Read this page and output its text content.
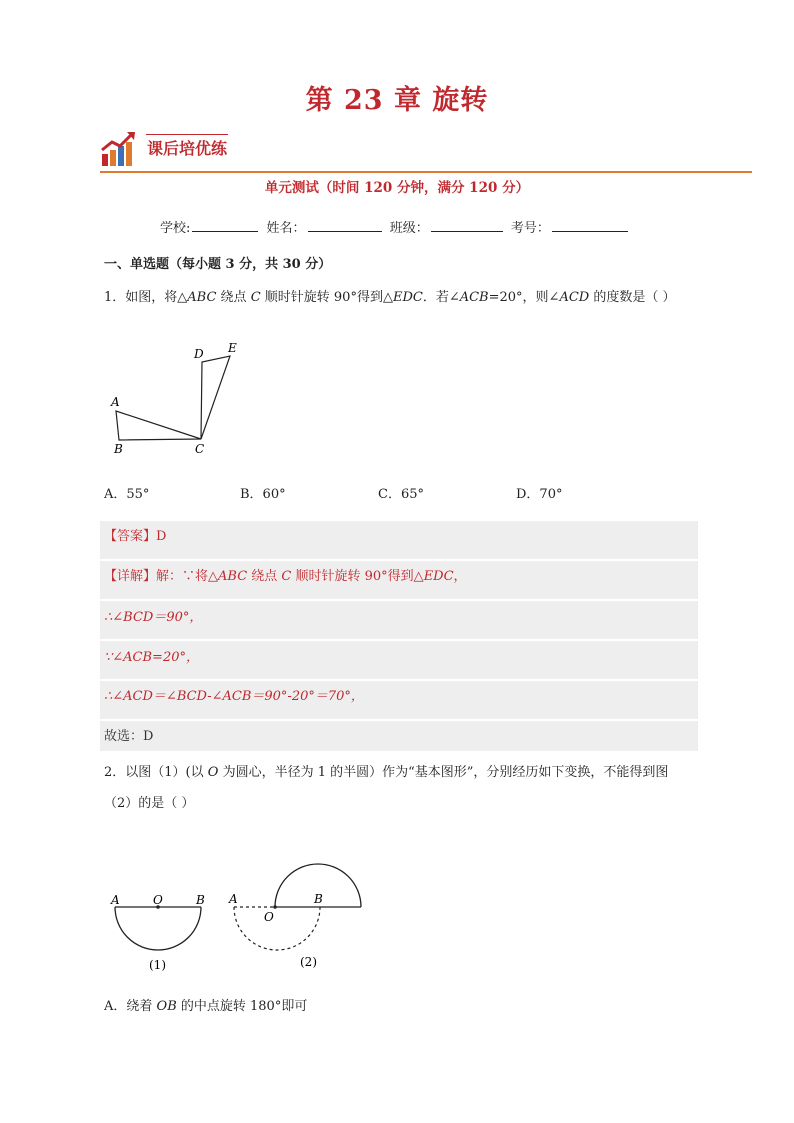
第 23 章 旋转
课后培优练
单元测试（时间 120 分钟，满分 120 分）
学校:	姓名：	班级：	考号：
一、单选题（每小题 3 分，共 30 分）
1．如图，将△ABC 绕点 C 顺时针旋转 90°得到△EDC．若∠ACB=20°，则∠ACD 的度数是（ ）
A
B	C
D E
A．55°	B．60°	C．65°	D．70°
【答案】D
【详解】解：∵将△ABC 绕点 C 顺时针旋转 90°得到△EDC，
∴∠BCD＝90°，
∵∠ACB=20°，
∴∠ACD＝∠BCD-∠ACB＝90°-20°＝70°，
故选：D
2．以图（1）(以 O 为圆心，半径为 1 的半圆）作为“基本图形”，分别经历如下变换，不能得到图
（2）的是（ ）
A	O	B
(1)
A
O
B
(2)
A．绕着 OB 的中点旋转 180°即可
